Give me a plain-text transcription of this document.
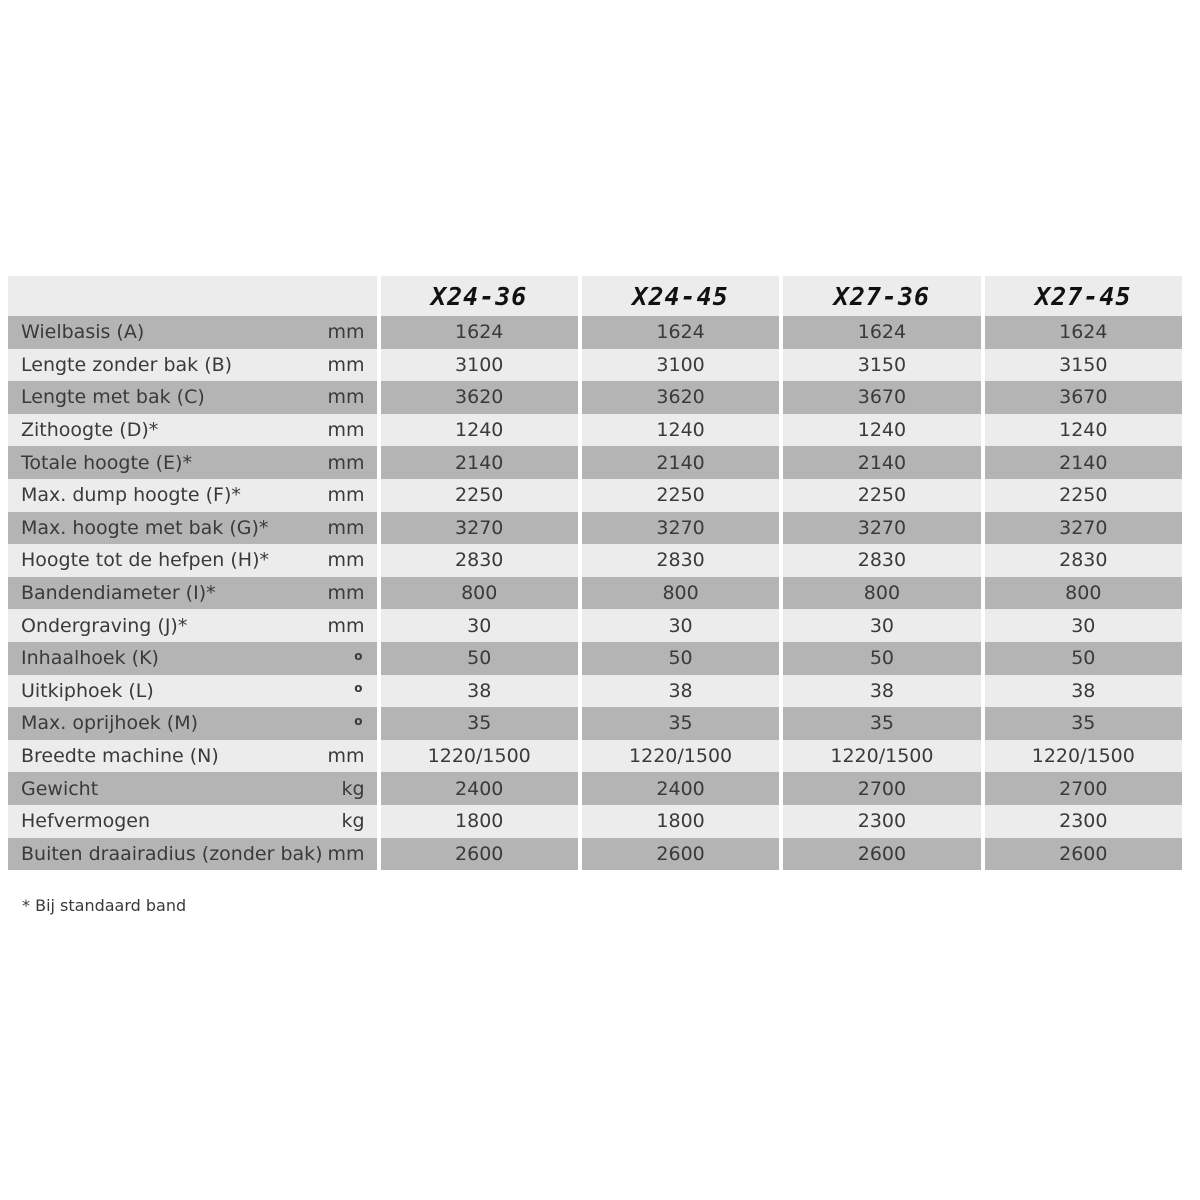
	X24-36	X24-45	X27-36	X27-45

Wielbasis (A) mm	1624	1624	1624	1624

Lengte zonder bak (B) mm	3100	3100	3150	3150

Lengte met bak (C) mm	3620	3620	3670	3670

Zithoogte (D)* mm	1240	1240	1240	1240

Totale hoogte (E)* mm	2140	2140	2140	2140

Max. dump hoogte (F)* mm	2250	2250	2250	2250

Max. hoogte met bak (G)* mm	3270	3270	3270	3270

Hoogte tot de hefpen (H)* mm	2830	2830	2830	2830

Bandendiameter (I)* mm	800	800	800	800

Ondergraving (J)* mm	30	30	30	30

Inhaalhoek (K) o	50	50	50	50

Uitkiphoek (L) o	38	38	38	38

Max. oprijhoek (M) o	35	35	35	35

Breedte machine (N) mm	1220/1500	1220/1500	1220/1500	1220/1500

Gewicht kg	2400	2400	2700	2700

Hefvermogen kg	1800	1800	2300	2300

Buiten draairadius (zonder bak) mm	2600	2600	2600	2600
* Bij standaard band
